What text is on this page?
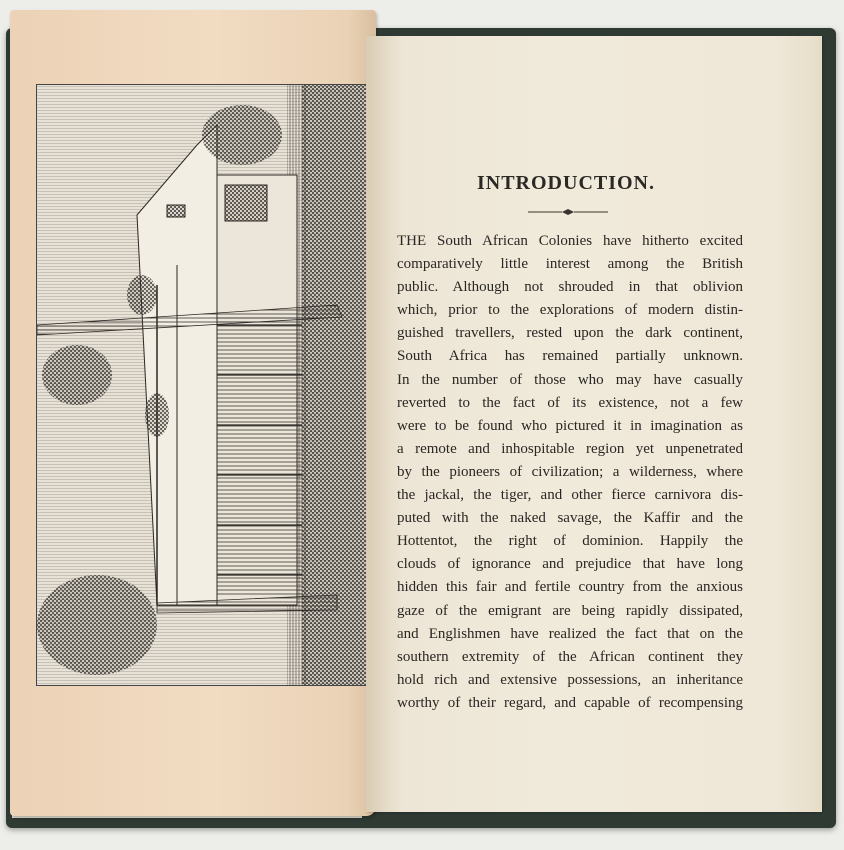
INTRODUCTION.
THE South African Colonies have hitherto excited
comparatively little interest among the British
public. Although not shrouded in that oblivion
which, prior to the explorations of modern distin-
guished travellers, rested upon the dark continent,
South Africa has remained partially unknown.
In the number of those who may have casually
reverted to the fact of its existence, not a few
were to be found who pictured it in imagination as
a remote and inhospitable region yet unpenetrated
by the pioneers of civilization; a wilderness, where
the jackal, the tiger, and other fierce carnivora dis-
puted with the naked savage, the Kaffir and the
Hottentot, the right of dominion. Happily the
clouds of ignorance and prejudice that have long
hidden this fair and fertile country from the anxious
gaze of the emigrant are being rapidly dissipated,
and Englishmen have realized the fact that on the
southern extremity of the African continent they
hold rich and extensive possessions, an inheritance
worthy of their regard, and capable of recompensing
